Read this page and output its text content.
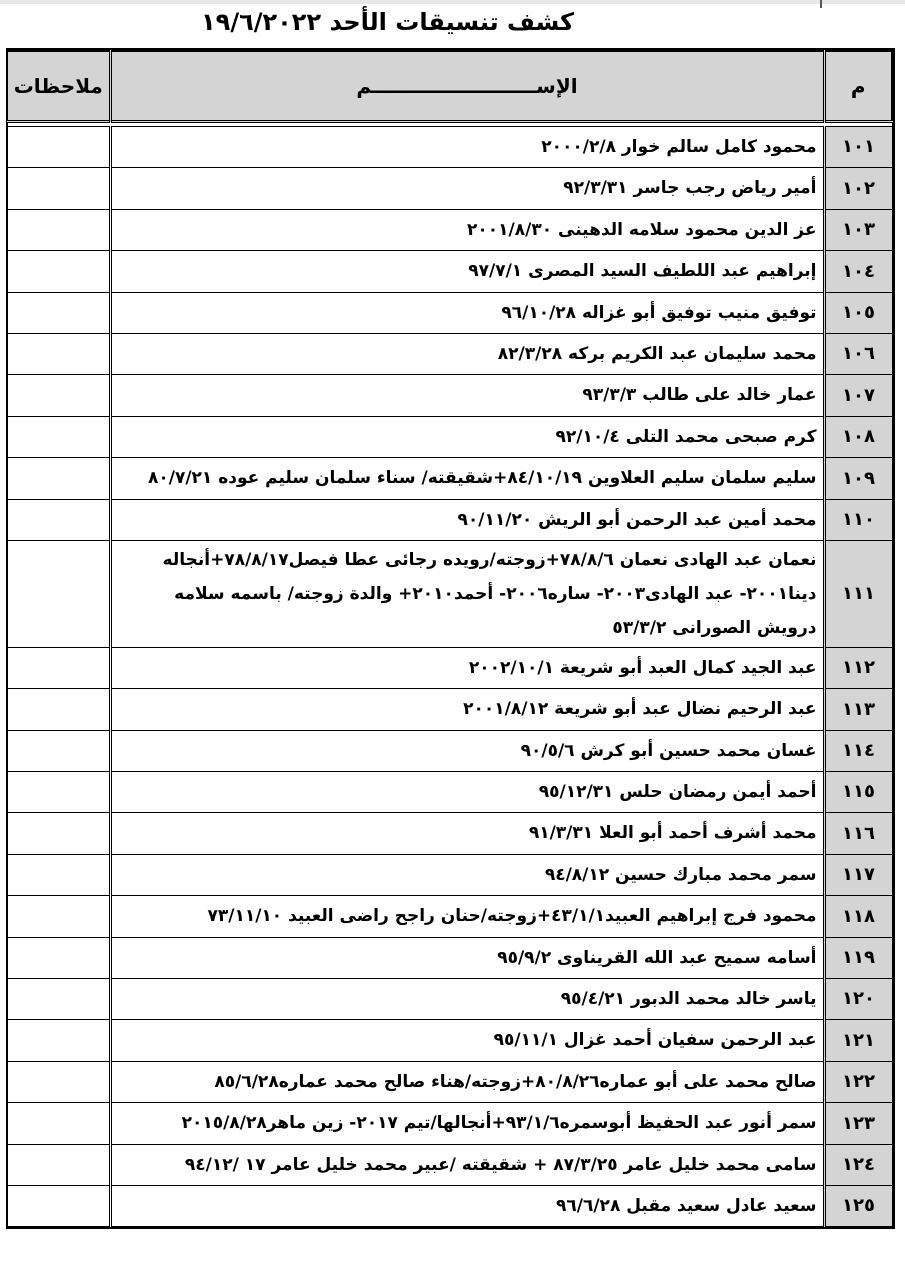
كشف تنسيقات الأحد ١٩/٦/٢٠٢٢
م	الإســــــــــــــــــــــــم	ملاحظات

١٠١	محمود كامل سالم خوار ٢٠٠٠/٢/٨	
١٠٢	أمير رياض رجب جاسر ٩٢/٣/٣١	
١٠٣	عز الدين محمود سلامه الدهينى ٢٠٠١/٨/٣٠	
١٠٤	إبراهيم عبد اللطيف السيد المصرى ٩٧/٧/١	
١٠٥	توفيق منيب توفيق أبو غزاله ٩٦/١٠/٢٨	
١٠٦	محمد سليمان عبد الكريم بركه ٨٢/٣/٢٨	
١٠٧	عمار خالد على طالب ٩٣/٣/٣	
١٠٨	كرم صبحى محمد التلى ٩٢/١٠/٤	
١٠٩	سليم سلمان سليم العلاوين ٨٤/١٠/١٩+شقيقته/ سناء سلمان سليم عوده ٨٠/٧/٢١	
١١٠	محمد أمين عبد الرحمن أبو الريش ٩٠/١١/٢٠	
١١١	نعمان عبد الهادى نعمان ٧٨/٨/٦+زوجته/رويده رجائى عطا فيصل٧٨/٨/١٧+أنجاله دينا٢٠٠١- عبد الهادى٢٠٠٣- ساره٢٠٠٦- أحمد٢٠١٠+ والدة زوجته/ باسمه سلامه درويش الصورانى ٥٣/٣/٢	
١١٢	عبد الجيد كمال العبد أبو شريعة ٢٠٠٢/١٠/١	
١١٣	عبد الرحيم نضال عبد أبو شريعة ٢٠٠١/٨/١٢	
١١٤	غسان محمد حسين أبو كرش ٩٠/٥/٦	
١١٥	أحمد أيمن رمضان حلس ٩٥/١٢/٣١	
١١٦	محمد أشرف أحمد أبو العلا ٩١/٣/٣١	
١١٧	سمر محمد مبارك حسين ٩٤/٨/١٢	
١١٨	محمود فرج إبراهيم العبيد٤٣/١/١+زوجته/حنان راجح راضى العبيد ٧٣/١١/١٠	
١١٩	أسامه سميح عبد الله القريناوى ٩٥/٩/٢	
١٢٠	ياسر خالد محمد الدبور ٩٥/٤/٢١	
١٢١	عبد الرحمن سفيان أحمد غزال ٩٥/١١/١	
١٢٢	صالح محمد على أبو عماره٨٠/٨/٢٦+زوجته/هناء صالح محمد عماره٨٥/٦/٢٨	
١٢٣	سمر أنور عبد الحفيظ أبوسمره٩٣/١/٦+أنجالها/تيم ٢٠١٧- زين ماهر٢٠١٥/٨/٢٨	
١٢٤	سامى محمد خليل عامر ٨٧/٣/٢٥ + شقيقته /عبير محمد خليل عامر ١٧ /٩٤/١٢	
١٢٥	سعيد عادل سعيد مقبل ٩٦/٦/٢٨	
